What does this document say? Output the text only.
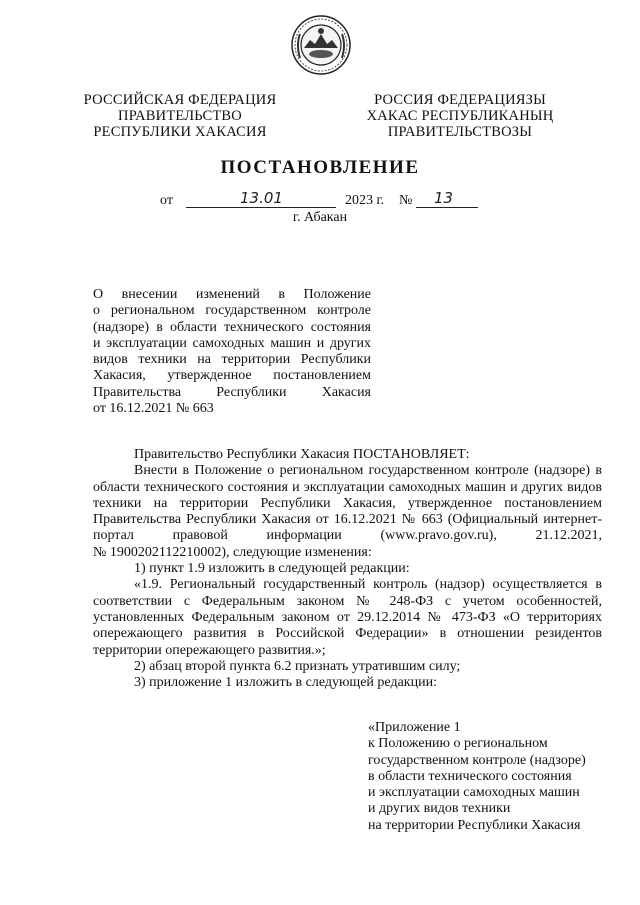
РОССИЙСКАЯ ФЕДЕРАЦИЯ
ПРАВИТЕЛЬСТВО
РЕСПУБЛИКИ ХАКАСИЯ
РОССИЯ ФЕДЕРАЦИЯЗЫ
ХАКАС РЕСПУБЛИКАНЫҢ
ПРАВИТЕЛЬСТВОЗЫ
ПОСТАНОВЛЕНИЕ
от	13.01	2023 г. № 13
г. Абакан

О внесении изменений в Положение

о региональном государственном контроле

(надзоре) в области технического состояния

и эксплуатации самоходных машин и других

видов техники на территории Республики

Хакасия, утвержденное постановлением

Правительства Республики Хакасия

от 16.12.2021 № 663

Правительство Республики Хакасия ПОСТАНОВЛЯЕТ:

Внести в Положение о региональном государственном контроле (надзоре) в области технического состояния и эксплуатации самоходных машин и других видов техники на территории Республики Хакасия, утвержденное постановлением Правительства Республики Хакасия от 16.12.2021 № 663 (Официальный интернет-портал правовой информации (www.pravo.gov.ru), 21.12.2021,

№ 1900202112210002), следующие изменения:

1) пункт 1.9 изложить в следующей редакции:

«1.9. Региональный государственный контроль (надзор) осуществляется в соответствии с Федеральным законом № 248-ФЗ с учетом особенностей, установленных Федеральным законом от 29.12.2014 № 473-ФЗ «О территориях опережающего развития в Российской Федерации» в отношении резидентов территории опережающего развития.»;

2) абзац второй пункта 6.2 признать утратившим силу;

3) приложение 1 изложить в следующей редакции:

«Приложение 1
к Положению о региональном
государственном контроле (надзоре)
в области технического состояния
и эксплуатации самоходных машин
и других видов техники
на территории Республики Хакасия
